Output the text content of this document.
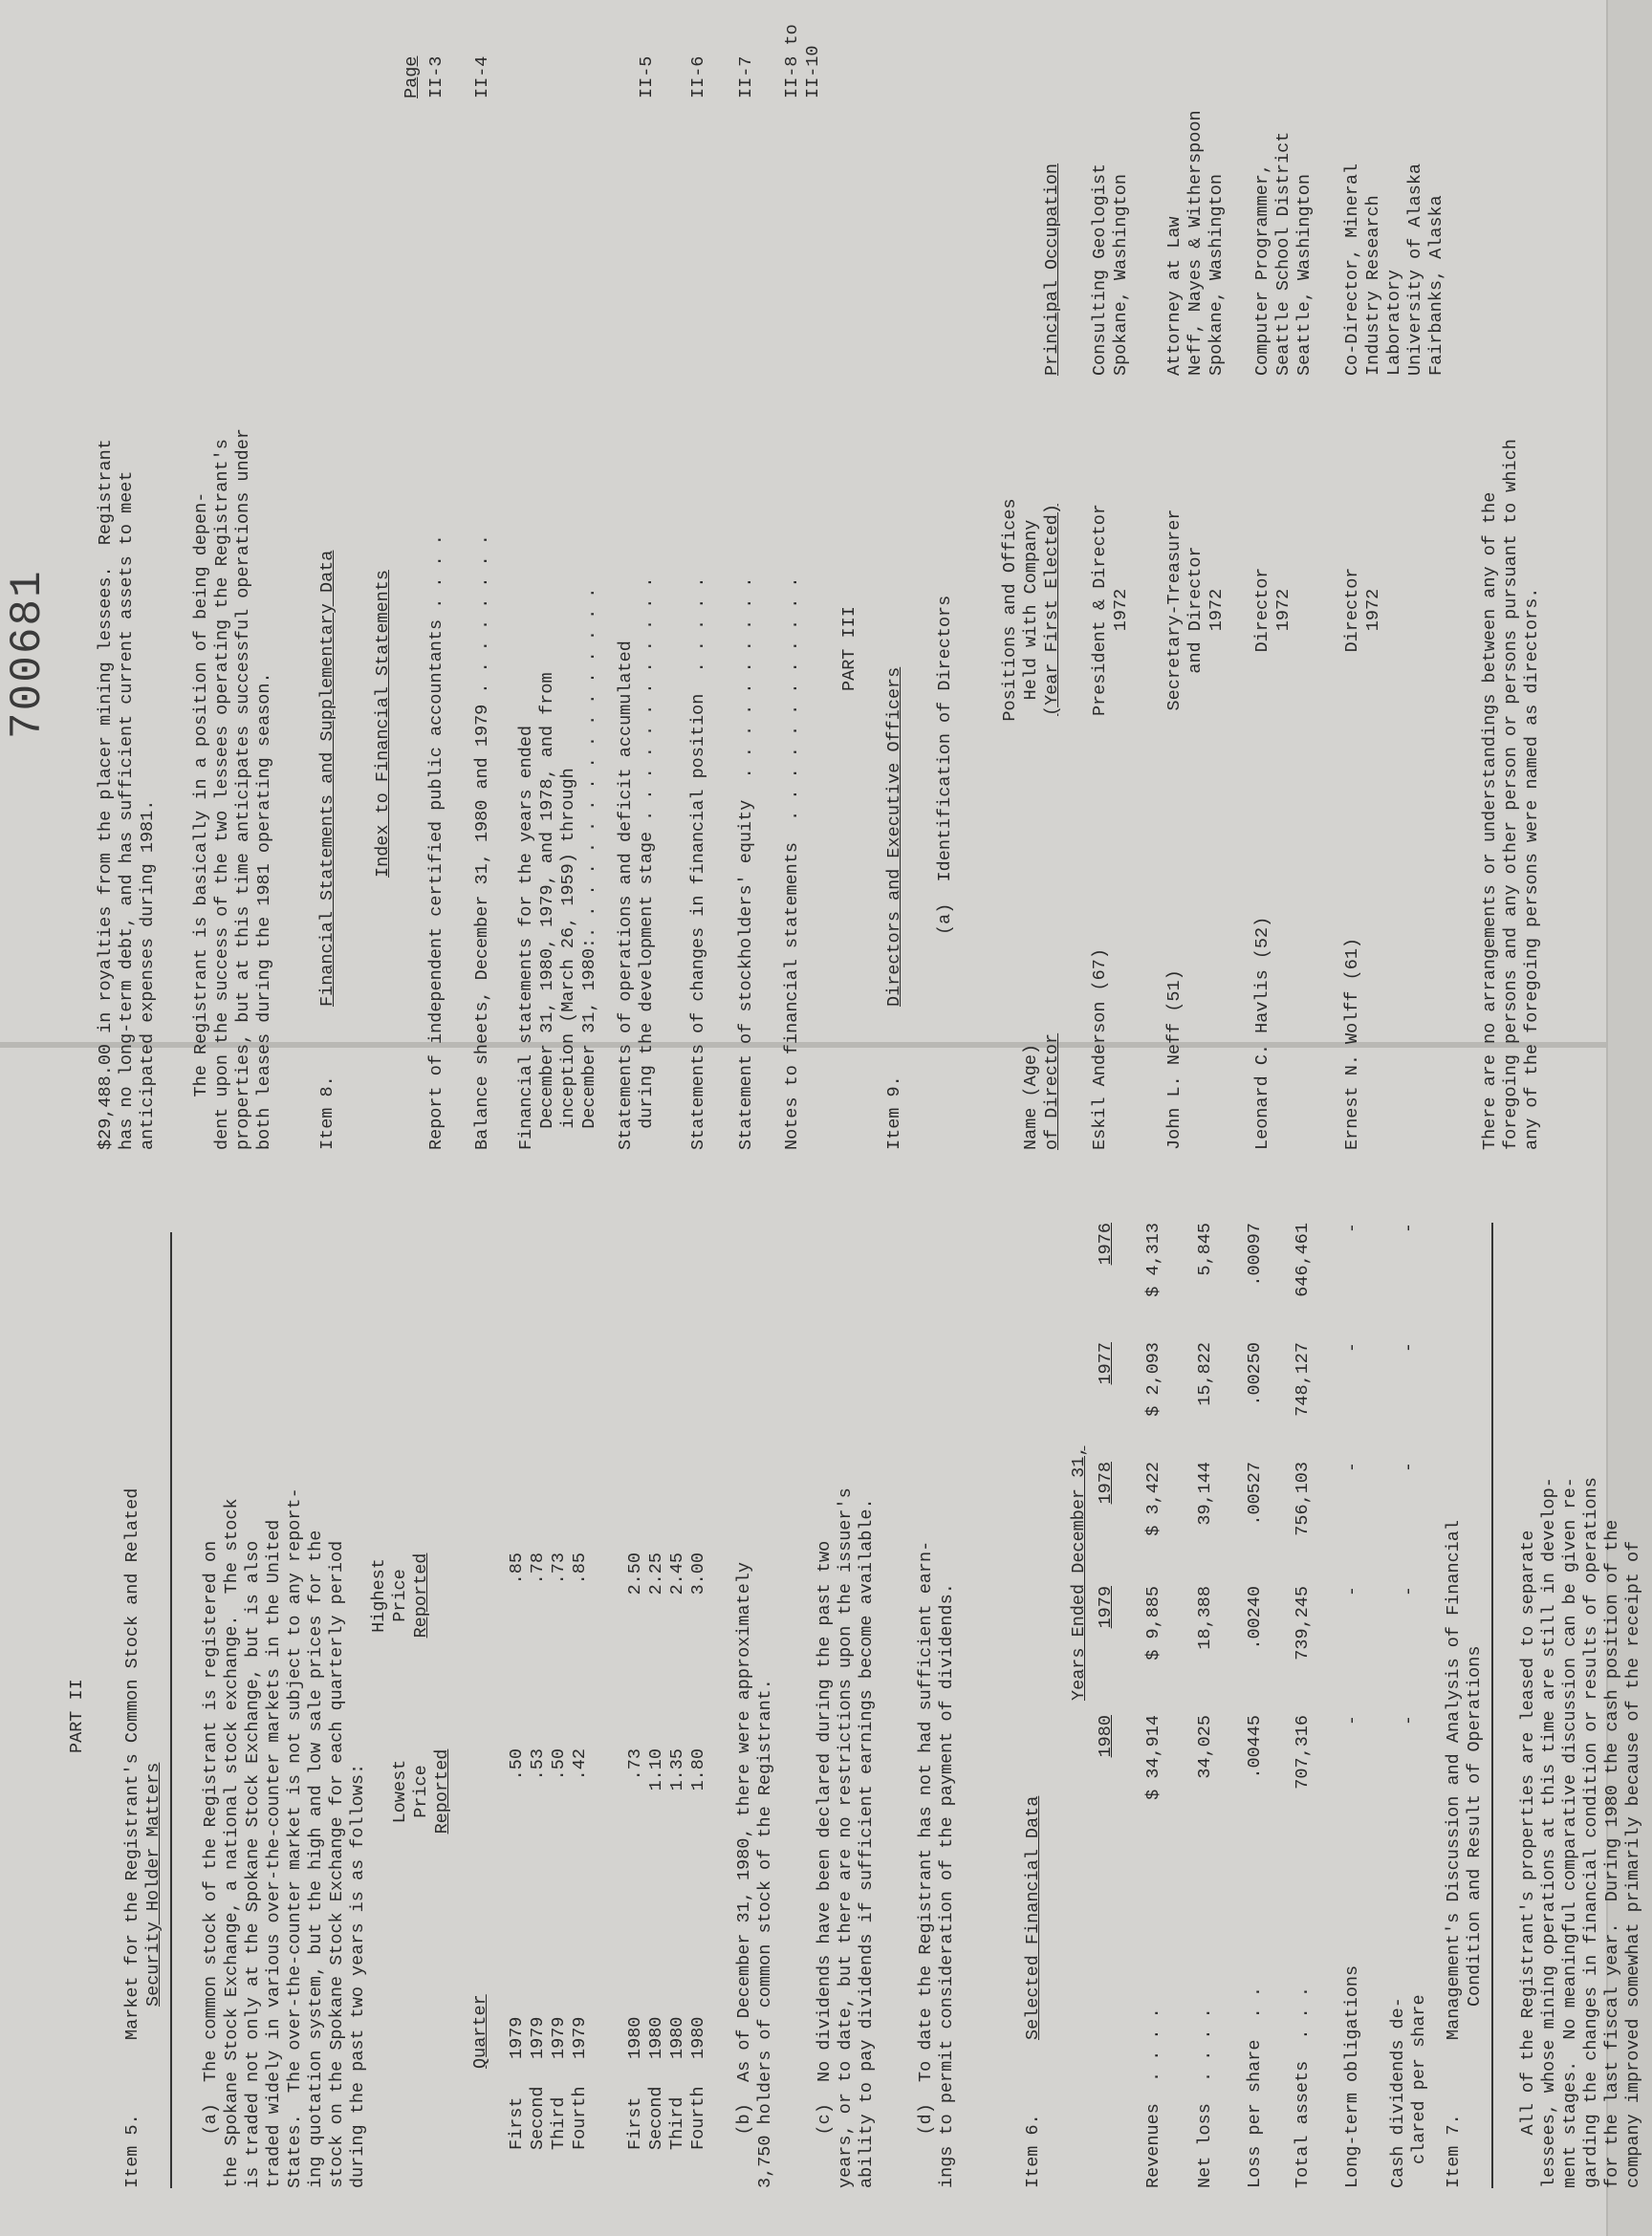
PART II
Item 5.
Market for the Registrant's Common Stock and Related Security Holder Matters (a)  The common stock of the Registrant is registered on the Spokane Stock Exchange, a national stock exchange.  The stock is traded not only at the Spokane Stock Exchange, but is also traded widely in various over-the-counter markets in the United States.  The over-the-counter market is not subject to any report- ing quotation system, but the high and low sale prices for the stock on the Spokane Stock Exchange for each quarterly period during the past two years is as follows: Lowest Price Reported
Highest Price Reported
Quarter
First
1979
.50
.85
Second
1979
.53
.78
Third
1979
.50
.73
Fourth
1979
.42
.85
First
1980
.73
2.50
Second
1980
1.10
2.25
Third
1980
1.35
2.45
Fourth
1980
1.80
3.00 (b)  As of December 31, 1980, there were approximately 3,750 holders of common stock of the Registrant. (c)  No dividends have been declared during the past two years, or to date, but there are no restrictions upon the issuer's ability to pay dividends if sufficient earnings become available. (d)  To date the Registrant has not had sufficient earn- ings to permit consideration of the payment of dividends.	Item 6.
Selected Financial Data
Years Ended December 31,
1980
1979
1978
1977
1976
Revenues  . . . .
$ 34,914
$ 9,885
$ 3,422
$ 2,093
$ 4,313
Net loss  . . . .
34,025
18,388
39,144
15,822
5,845
Loss per share  . .
.00445
.00240
.00527
.00250
.00097
Total assets  . . .
707,316
739,245
756,103
748,127
646,461
Long-term obligations
-
-
-
-
-
Cash dividends de- clared per share
-
-
-
-
-
Item 7.
Management's Discussion and Analysis of Financial Condition and Result of Operations All of the Registrant's properties are leased to separate lessees, whose mining operations at this time are still in develop- ment stages.  No meaningful comparative discussion can be given re- garding the changes in financial condition or results of operations for the last fiscal year.  During 1980 the cash position of the company improved somewhat primarily because of the receipt of
700681 $29,488.00 in royalties from the placer mining lessees.  Registrant has no long-term debt, and has sufficient current assets to meet anticipated expenses during 1981. The Registrant is basically in a position of being depen- dent upon the success of the two lessees operating the Registrant's properties, but at this time anticipates successful operations under both leases during the 1981 operating season. Item 8.
Financial Statements and Supplementary Data Index to Financial Statements
Page
Report of independent certified public accountants . . . .
II-3
Balance sheets, December 31, 1980 and 1979 . . . . . . . .
II-4
Financial statements for the years ended December 31, 1980, 1979, and 1978, and from inception (March 26, 1959) through December 31, 1980:. . . . . . . . . . . . . . . . . Statements of operations and deficit accumulated during the development stage . . . . . . . . . . . .
II-5
Statements of changes in financial position  . . . . .
II-6
Statement of stockholders' equity  . . . . . . . . . .
II-7
Notes to financial statements  . . . . . . . . . . . .
II-8 to II-10
PART III
Item 9.
Directors and Executive Officers (a)  Identification of Directors
Name (Age) of Director
Positions and Offices Held with Company (Year First Elected)
Principal Occupation
Eskil Anderson (67)
President & Director 1972
Consulting Geologist Spokane, Washington
John L. Neff (51)
Secretary-Treasurer and Director 1972
Attorney at Law Neff, Nayes & Witherspoon Spokane, Washington
Leonard C. Havlis (52)
Director 1972
Computer Programmer, Seattle School District Seattle, Washington
Ernest N. Wolff (61)
Director 1972
Co-Director, Mineral Industry Research Laboratory University of Alaska Fairbanks, Alaska
There are no arrangements or understandings between any of the foregoing persons and any other person or persons pursuant to which any of the foregoing persons were named as directors.
